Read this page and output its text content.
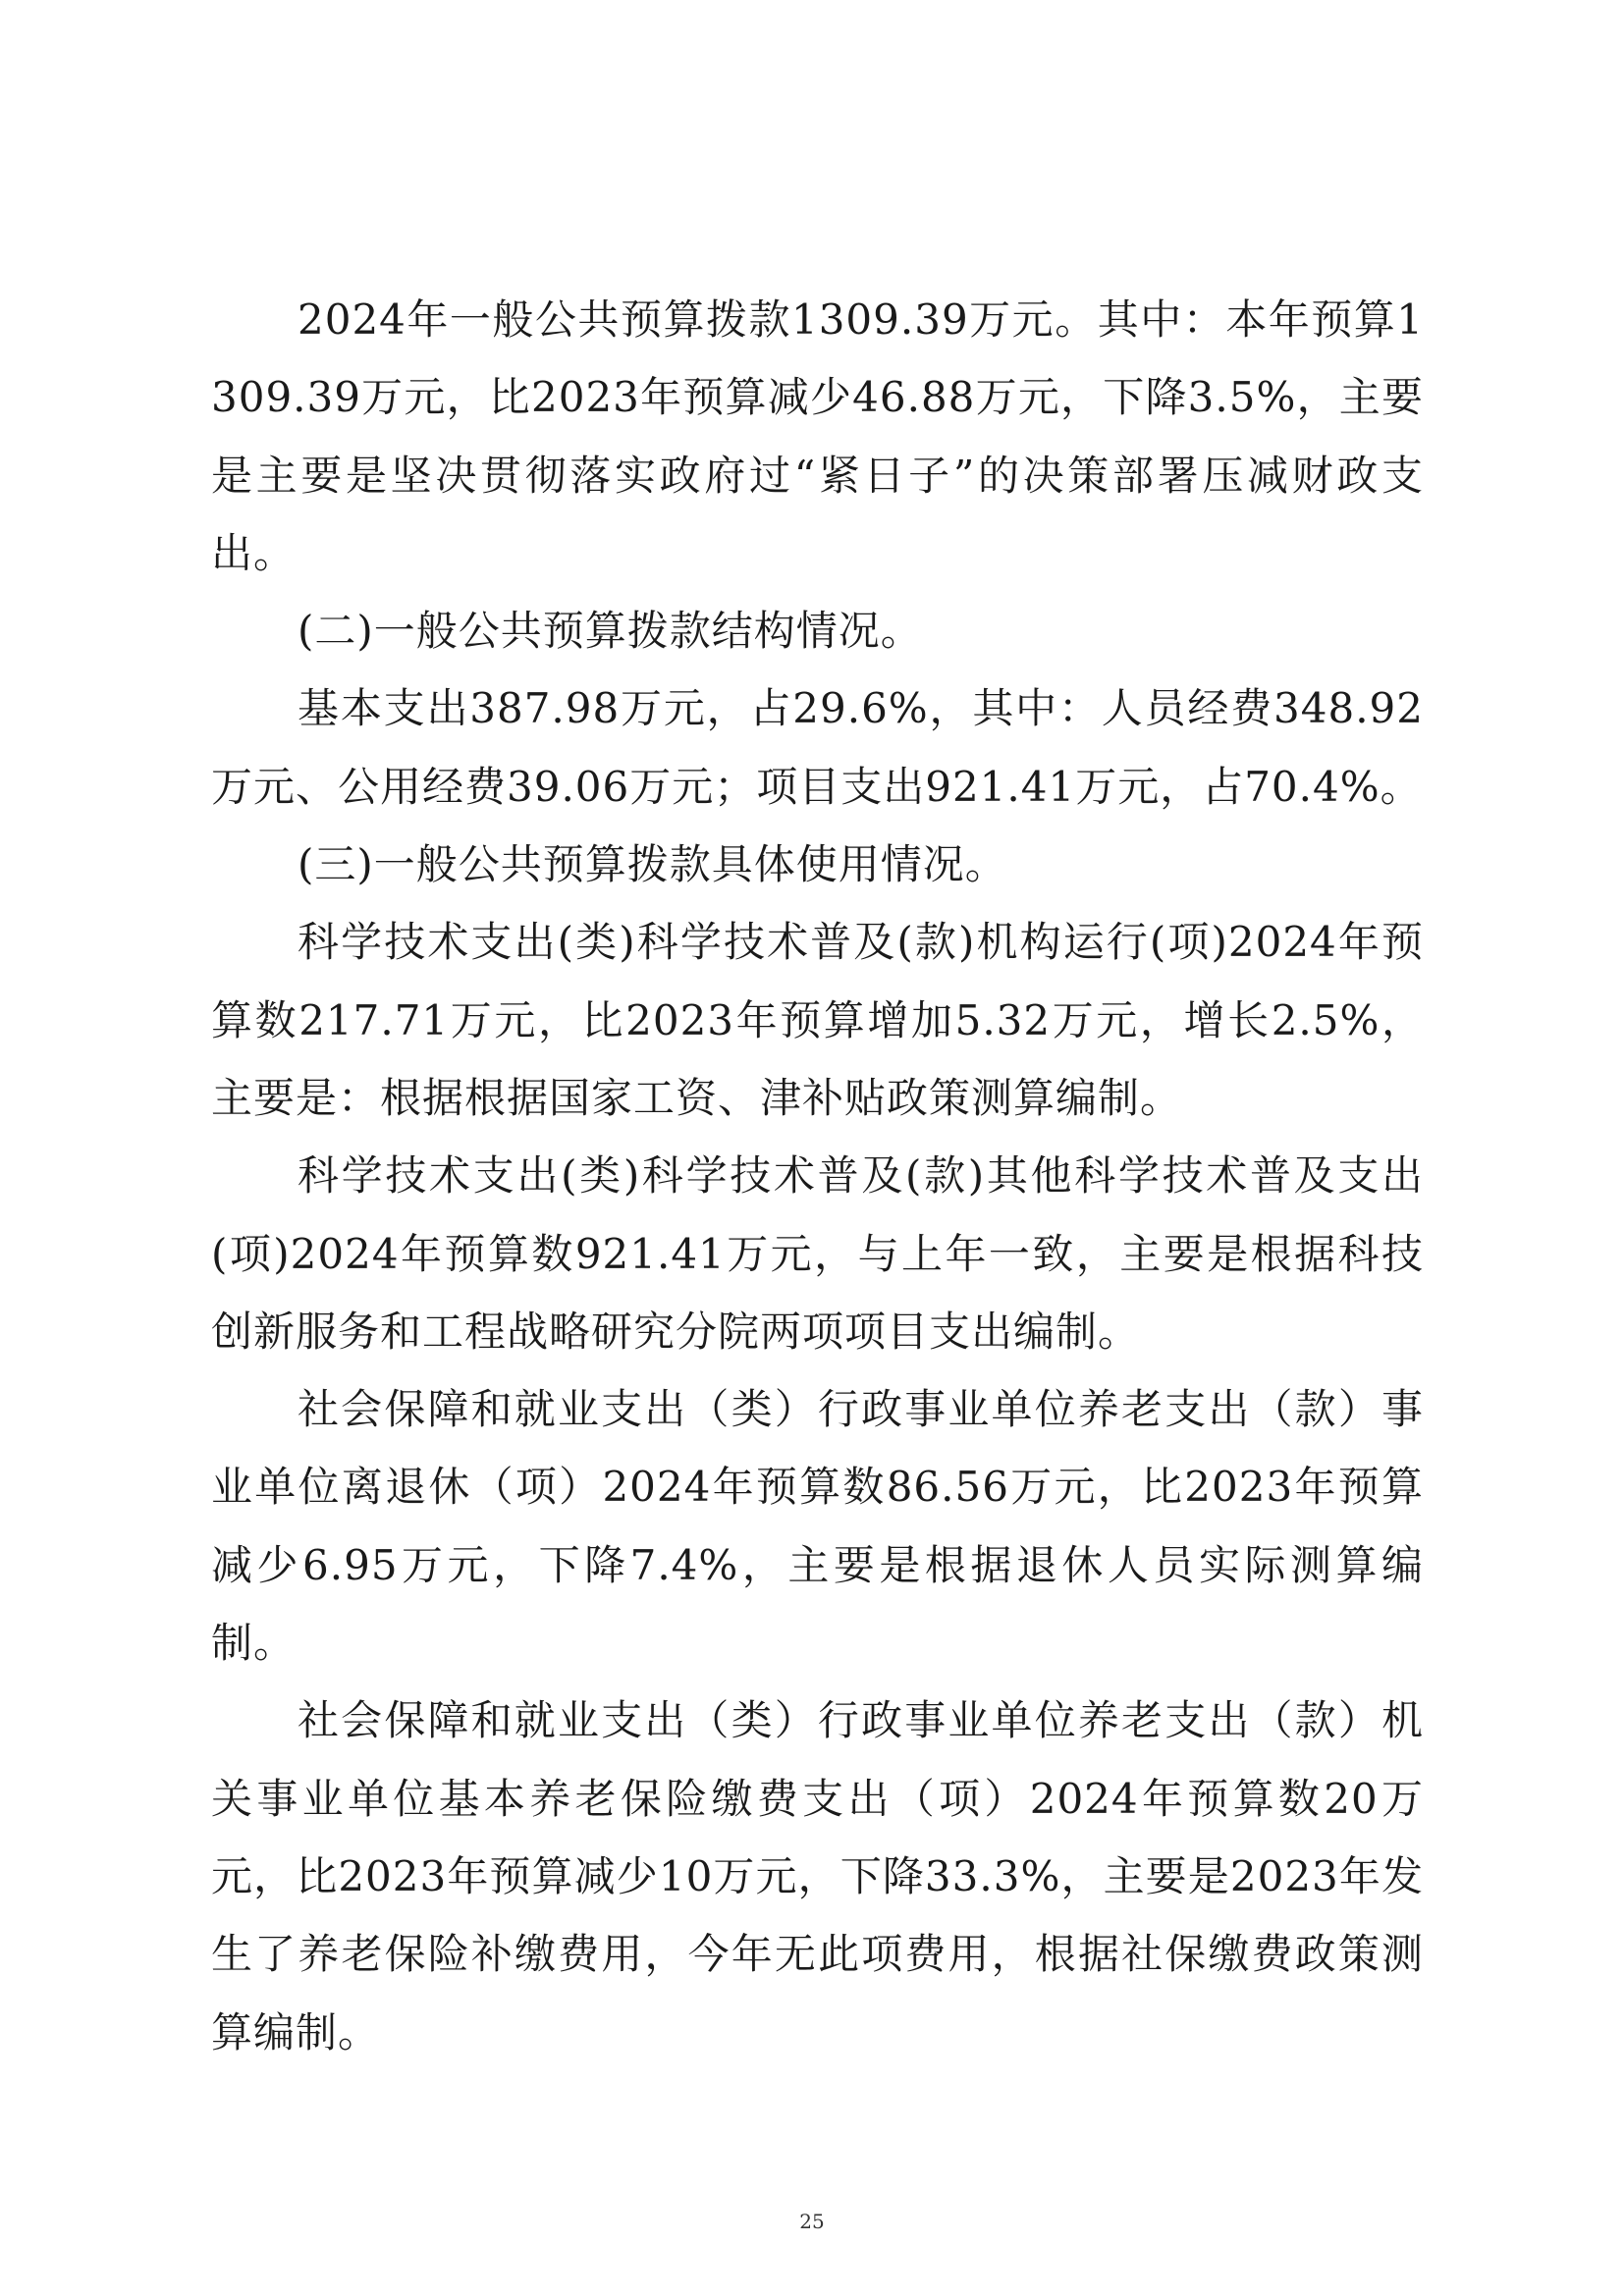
2024年一般公共预算拨款1309.39万元。其中：本年预算1309.39万元，比2023年预算减少46.88万元，下降3.5%，主要是主要是坚决贯彻落实政府过“紧日子”的决策部署压减财政支出。

(二)一般公共预算拨款结构情况。

基本支出387.98万元，占29.6%，其中：人员经费348.92万元、公用经费39.06万元；项目支出921.41万元，占70.4%。

(三)一般公共预算拨款具体使用情况。

科学技术支出(类)科学技术普及(款)机构运行(项)2024年预算数217.71万元，比2023年预算增加5.32万元，增长2.5%，主要是：根据根据国家工资、津补贴政策测算编制。

科学技术支出(类)科学技术普及(款)其他科学技术普及支出(项)2024年预算数921.41万元，与上年一致，主要是根据科技创新服务和工程战略研究分院两项项目支出编制。

社会保障和就业支出（类）行政事业单位养老支出（款）事业单位离退休（项）2024年预算数86.56万元，比2023年预算减少6.95万元，下降7.4%，主要是根据退休人员实际测算编制。

社会保障和就业支出（类）行政事业单位养老支出（款）机关事业单位基本养老保险缴费支出（项）2024年预算数20万元，比2023年预算减少10万元，下降33.3%，主要是2023年发生了养老保险补缴费用，今年无此项费用，根据社保缴费政策测算编制。

25
